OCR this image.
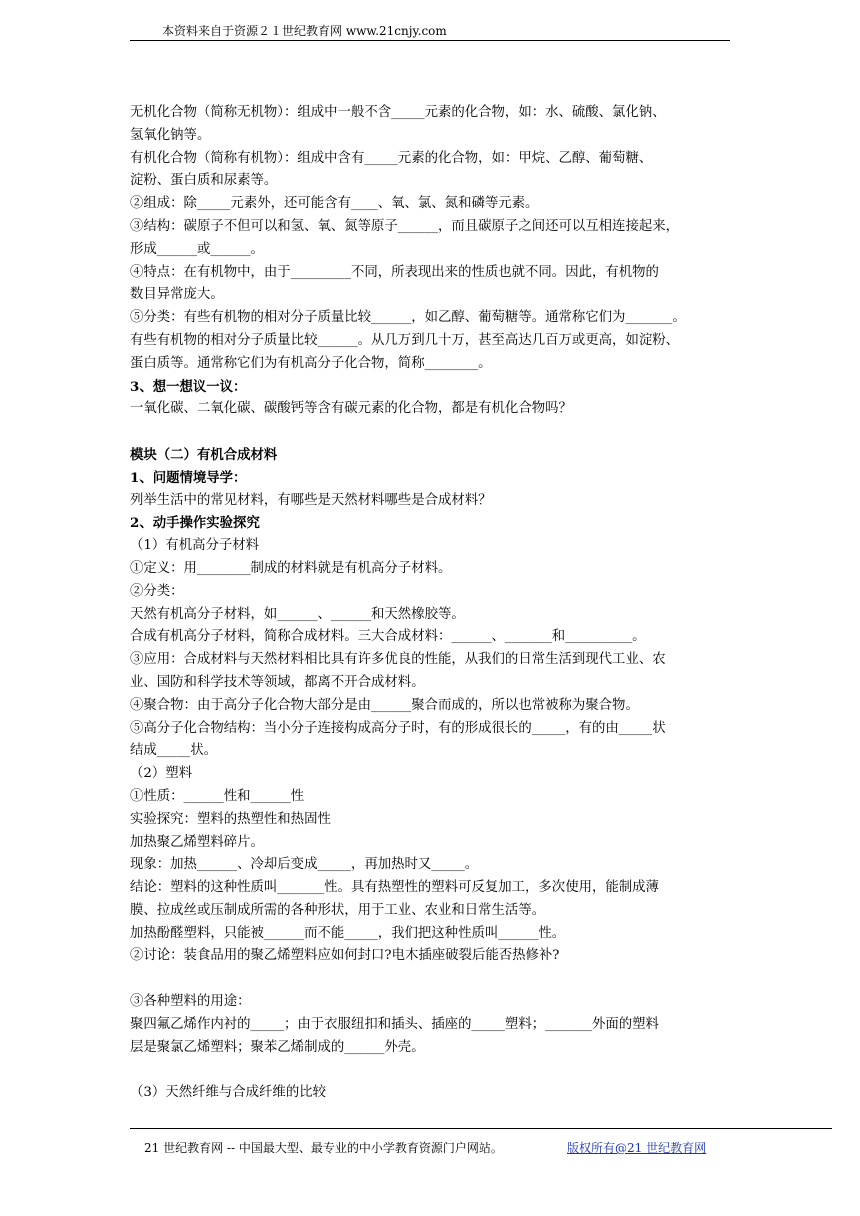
本资料来自于资源２１世纪教育网 www.21cnjy.com
无机化合物（简称无机物）：组成中一般不含_____元素的化合物，如：水、硫酸、氯化钠、
氢氧化钠等。
有机化合物（简称有机物）：组成中含有_____元素的化合物，如：甲烷、乙醇、葡萄糖、
淀粉、蛋白质和尿素等。
②组成：除_____元素外，还可能含有____、氧、氯、氮和磷等元素。
③结构：碳原子不但可以和氢、氧、氮等原子______，而且碳原子之间还可以互相连接起来，
形成______或______。
④特点：在有机物中，由于_________不同，所表现出来的性质也就不同。因此，有机物的
数目异常庞大。
⑤分类：有些有机物的相对分子质量比较______，如乙醇、葡萄糖等。通常称它们为_______。
有些有机物的相对分子质量比较______。从几万到几十万，甚至高达几百万或更高，如淀粉、
蛋白质等。通常称它们为有机高分子化合物，简称________。
3、想一想议一议：
一氧化碳、二氧化碳、碳酸钙等含有碳元素的化合物，都是有机化合物吗？
模块（二）有机合成材料
1、问题情境导学：
列举生活中的常见材料，有哪些是天然材料哪些是合成材料？
2、动手操作实验探究
（1）有机高分子材料
①定义：用________制成的材料就是有机高分子材料。
②分类：
天然有机高分子材料，如______、______和天然橡胶等。
合成有机高分子材料，简称合成材料。三大合成材料：______、_______和__________。
③应用：合成材料与天然材料相比具有许多优良的性能，从我们的日常生活到现代工业、农
业、国防和科学技术等领域，都离不开合成材料。
④聚合物：由于高分子化合物大部分是由______聚合而成的，所以也常被称为聚合物。
⑤高分子化合物结构：当小分子连接构成高分子时，有的形成很长的_____，有的由_____状
结成_____状。
（2）塑料
①性质：______性和______性
实验探究：塑料的热塑性和热固性
加热聚乙烯塑料碎片。
现象：加热______、冷却后变成_____，再加热时又_____。
结论：塑料的这种性质叫_______性。具有热塑性的塑料可反复加工，多次使用，能制成薄
膜、拉成丝或压制成所需的各种形状，用于工业、农业和日常生活等。
加热酚醛塑料，只能被______而不能_____，我们把这种性质叫______性。
②讨论：装食品用的聚乙烯塑料应如何封口?电木插座破裂后能否热修补?
③各种塑料的用途：
聚四氟乙烯作内衬的_____；由于衣服纽扣和插头、插座的_____塑料；_______外面的塑料
层是聚氯乙烯塑料；聚苯乙烯制成的______外壳。
（3）天然纤维与合成纤维的比较
21 世纪教育网 -- 中国最大型、最专业的中小学教育资源门户网站。	版权所有@21 世纪教育网
